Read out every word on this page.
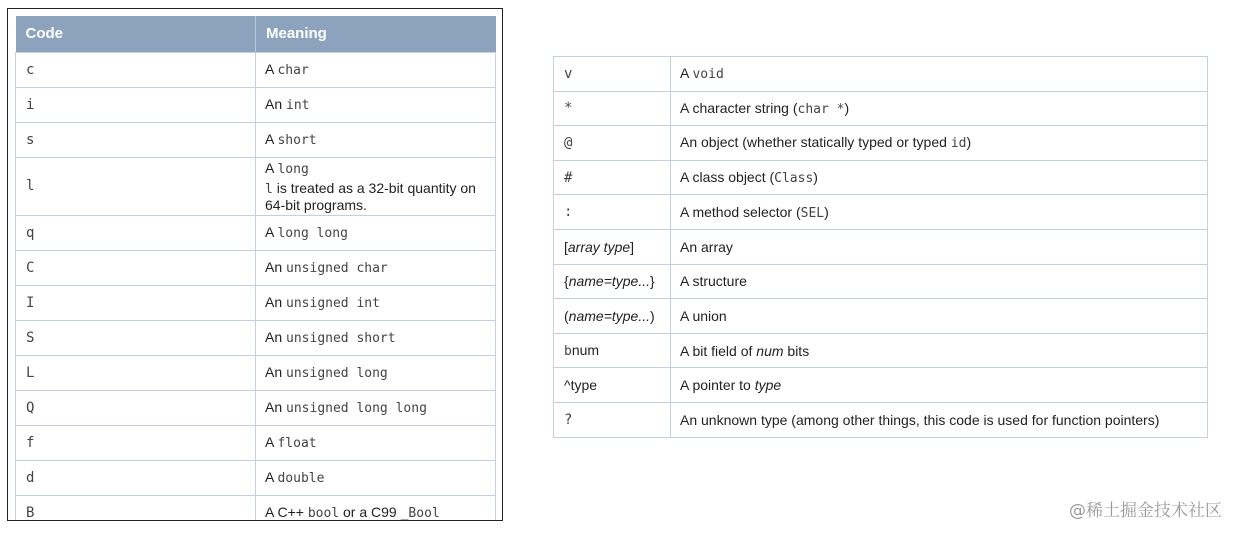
Code	Meaning
c	A char
i	An int
s	A short
l	A long
l is treated as a 32-bit quantity on 64-bit programs.

q	A long long
C	An unsigned char
I	An unsigned int
S	An unsigned short
L	An unsigned long
Q	An unsigned long long
f	A float
d	A double
B	A C++ bool or a C99 _Bool
v	A void
*	A character string (char *)
@	An object (whether statically typed or typed id)
#	A class object (Class)
:	A method selector (SEL)
[array type]	An array
{name=type...}	A structure
(name=type...)	A union
bnum	A bit field of num bits
^type	A pointer to type
?	An unknown type (among other things, this code is used for function pointers)
@稀土掘金技术社区
